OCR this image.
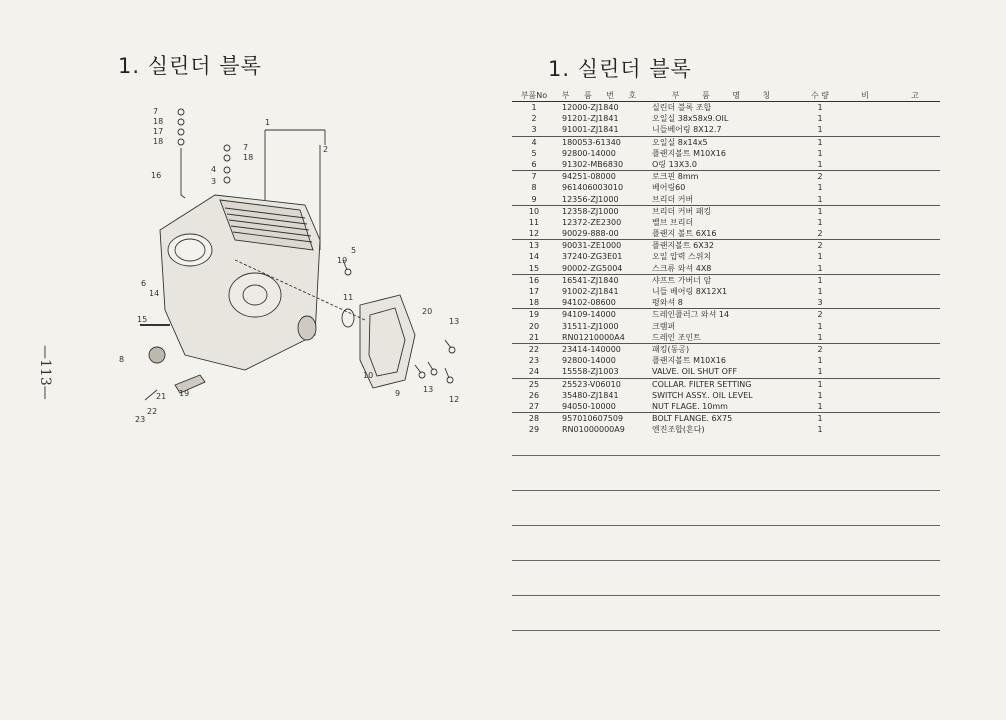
1. 실린더 블록	1. 실린더 블록
—113—
7
18
17
18
16
7
18
4
3
1
2
6
14
15
8
19
5
11
20
13
10
9	13
12
21 19
22
23
부품No	부 품 번 호	부 품 명 칭	수 량	비	고
1	12000-ZJ1840	실린더 블록 조합	1
2	91201-ZJ1841	오일실 38x58x9.OIL	1
3	91001-ZJ1841	니들베어링 8X12.7	1
4	180053-61340	오일실 8x14x5	1
5	92800-14000	플랜지볼트 M10X16	1
6	91302-MB6830	O링 13X3.0	1
7	94251-08000	로크핀 8mm	2
8	961406003010	베어링60	1
9	12356-ZJ1000	브리더 커버	1
10	12358-ZJ1000	브리더 커버 패킹	1
11	12372-ZE2300	밸브 브리더	1
12	90029-888-00	플랜지 볼트 6X16	2
13	90031-ZE1000	플랜지볼트 6X32	2
14	37240-ZG3E01	오일 압력 스위치	1
15	90002-ZG5004	스크류 와셔 4X8	1
16	16541-ZJ1840	샤프트 가버너 암	1
17	91002-ZJ1841	니들 베어링 8X12X1	1
18	94102-08600	평와셔 8	3
19	94109-14000	드레인플러그 와셔 14	2
20	31511-ZJ1000	크램퍼	1
21	RN01210000A4	드레인 조인트	1
22	23414-140000	패킹(동공)	2
23	92800-14000	플랜지볼트 M10X16	1
24	15558-ZJ1003	VALVE. OIL SHUT OFF	1
25	25523-V06010	COLLAR. FILTER SETTING	1
26	35480-ZJ1841	SWITCH ASSY.. OIL LEVEL	1
27	94050-10000	NUT FLAGE. 10mm	1
28	957010607509	BOLT FLANGE. 6X75	1
29	RN01000000A9	엔진조합(혼다)	1
